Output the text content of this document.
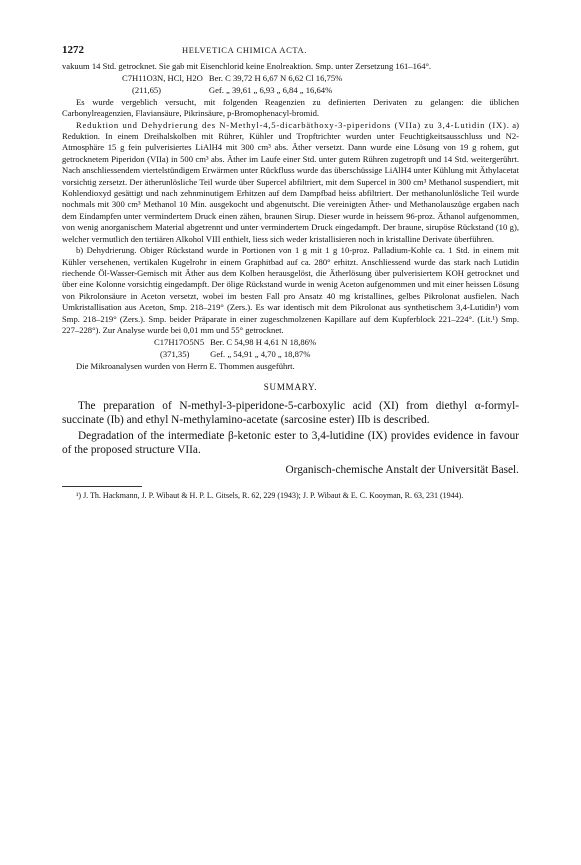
1272	HELVETICA CHIMICA ACTA.

vakuum 14 Std. getrocknet. Sie gab mit Eisenchlorid keine Enolreaktion. Smp. unter Zersetzung 161–164°.

C7H11O3N, HCl, H2O	Ber. C 39,72 H 6,67 N 6,62 Cl 16,75%
(211,65)	Gef. „ 39,61 „ 6,93 „ 6,84 „ 16,64%

Es wurde vergeblich versucht, mit folgenden Reagenzien zu definierten Derivaten zu gelangen: die üblichen Carbonylreagenzien, Flaviansäure, Pikrinsäure, p-Bromophenacyl-bromid.

Reduktion und Dehydrierung des N-Methyl-4,5-dicarbäthoxy-3-piperidons (VIIa) zu 3,4-Lutidin (IX). a) Reduktion. In einem Dreihalskolben mit Rührer, Kühler und Tropftrichter wurden unter Feuchtigkeitsausschluss und N2-Atmosphäre 15 g fein pulverisiertes LiAlH4 mit 300 cm³ abs. Äther versetzt. Dann wurde eine Lösung von 19 g rohem, gut getrocknetem Piperidon (VIIa) in 500 cm³ abs. Äther im Laufe einer Std. unter gutem Rühren zugetropft und 14 Std. weitergerührt. Nach anschliessendem viertelstündigem Erwärmen unter Rückfluss wurde das überschüssige LiAlH4 unter Kühlung mit Äthylacetat vorsichtig zersetzt. Der ätherunlösliche Teil wurde über Supercel abfiltriert, mit dem Supercel in 300 cm³ Methanol suspendiert, mit Kohlendioxyd gesättigt und nach zehnminutigem Erhitzen auf dem Dampfbad heiss abfiltriert. Der methanolunlösliche Teil wurde nochmals mit 300 cm³ Methanol 10 Min. ausgekocht und abgenutscht. Die vereinigten Äther- und Methanolauszüge ergaben nach dem Eindampfen unter vermindertem Druck einen zähen, braunen Sirup. Dieser wurde in heissem 96-proz. Äthanol aufgenommen, von wenig anorganischem Material abgetrennt und unter vermindertem Druck eingedampft. Der braune, sirupöse Rückstand (10 g), welcher vermutlich den tertiären Alkohol VIII enthielt, liess sich weder kristallisieren noch in kristalline Derivate überführen.

b) Dehydrierung. Obiger Rückstand wurde in Portionen von 1 g mit 1 g 10-proz. Palladium-Kohle ca. 1 Std. in einem mit Kühler versehenen, vertikalen Kugelrohr in einem Graphitbad auf ca. 280° erhitzt. Anschliessend wurde das stark nach Lutidin riechende Öl-Wasser-Gemisch mit Äther aus dem Kolben herausgelöst, die Ätherlösung über pulverisiertem KOH getrocknet und über eine Kolonne vorsichtig eingedampft. Der ölige Rückstand wurde in wenig Aceton aufgenommen und mit einer heissen Lösung von Pikrolonsäure in Aceton versetzt, wobei im besten Fall pro Ansatz 40 mg kristallines, gelbes Pikrolonat ausfielen. Nach Umkristallisation aus Aceton, Smp. 218–219° (Zers.). Es war identisch mit dem Pikrolonat aus synthetischem 3,4-Lutidin¹) vom Smp. 218–219° (Zers.). Smp. beider Präparate in einer zugeschmolzenen Kapillare auf dem Kupferblock 221–224°. (Lit.¹) Smp. 227–228°). Zur Analyse wurde bei 0,01 mm und 55° getrocknet.

C17H17O5N5	Ber. C 54,98 H 4,61 N 18,86%
(371,35)	Gef. „ 54,91 „ 4,70 „ 18,87%

Die Mikroanalysen wurden von Herrn E. Thommen ausgeführt.

SUMMARY.

The preparation of N-methyl-3-piperidone-5-carboxylic acid (XI) from diethyl α-formyl-succinate (Ib) and ethyl N-methylamino-acetate (sarcosine ester) IIb is described.

Degradation of the intermediate β-ketonic ester to 3,4-lutidine (IX) provides evidence in favour of the proposed structure VIIa.

Organisch-chemische Anstalt der Universität Basel.

¹) J. Th. Hackmann, J. P. Wibaut & H. P. L. Gitsels, R. 62, 229 (1943); J. P. Wibaut & E. C. Kooyman, R. 63, 231 (1944).
